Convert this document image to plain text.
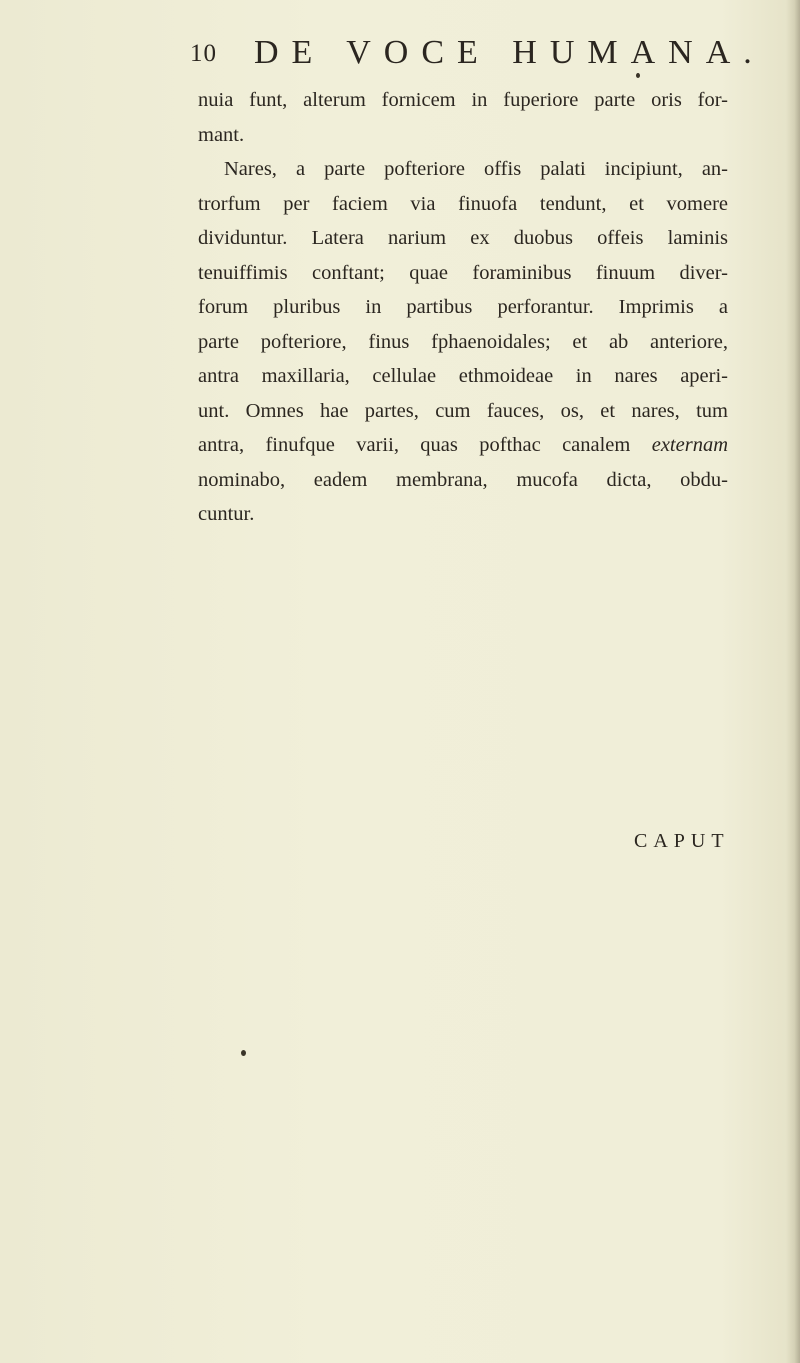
10 DE VOCE HUMANA.
nuia funt, alterum fornicem in fuperiore parte oris for-
mant.
Nares, a parte pofteriore offis palati incipiunt, an-
trorfum per faciem via finuofa tendunt, et vomere
dividuntur. Latera narium ex duobus offeis laminis
tenuiffimis conftant; quae foraminibus finuum diver-
forum pluribus in partibus perforantur. Imprimis a
parte pofteriore, finus fphaenoidales; et ab anteriore,
antra maxillaria, cellulae ethmoideae in nares aperi-
unt. Omnes hae partes, cum fauces, os, et nares, tum
antra, finufque varii, quas pofthac canalem externam
nominabo, eadem membrana, mucofa dicta, obdu-
cuntur.
CAPUT
